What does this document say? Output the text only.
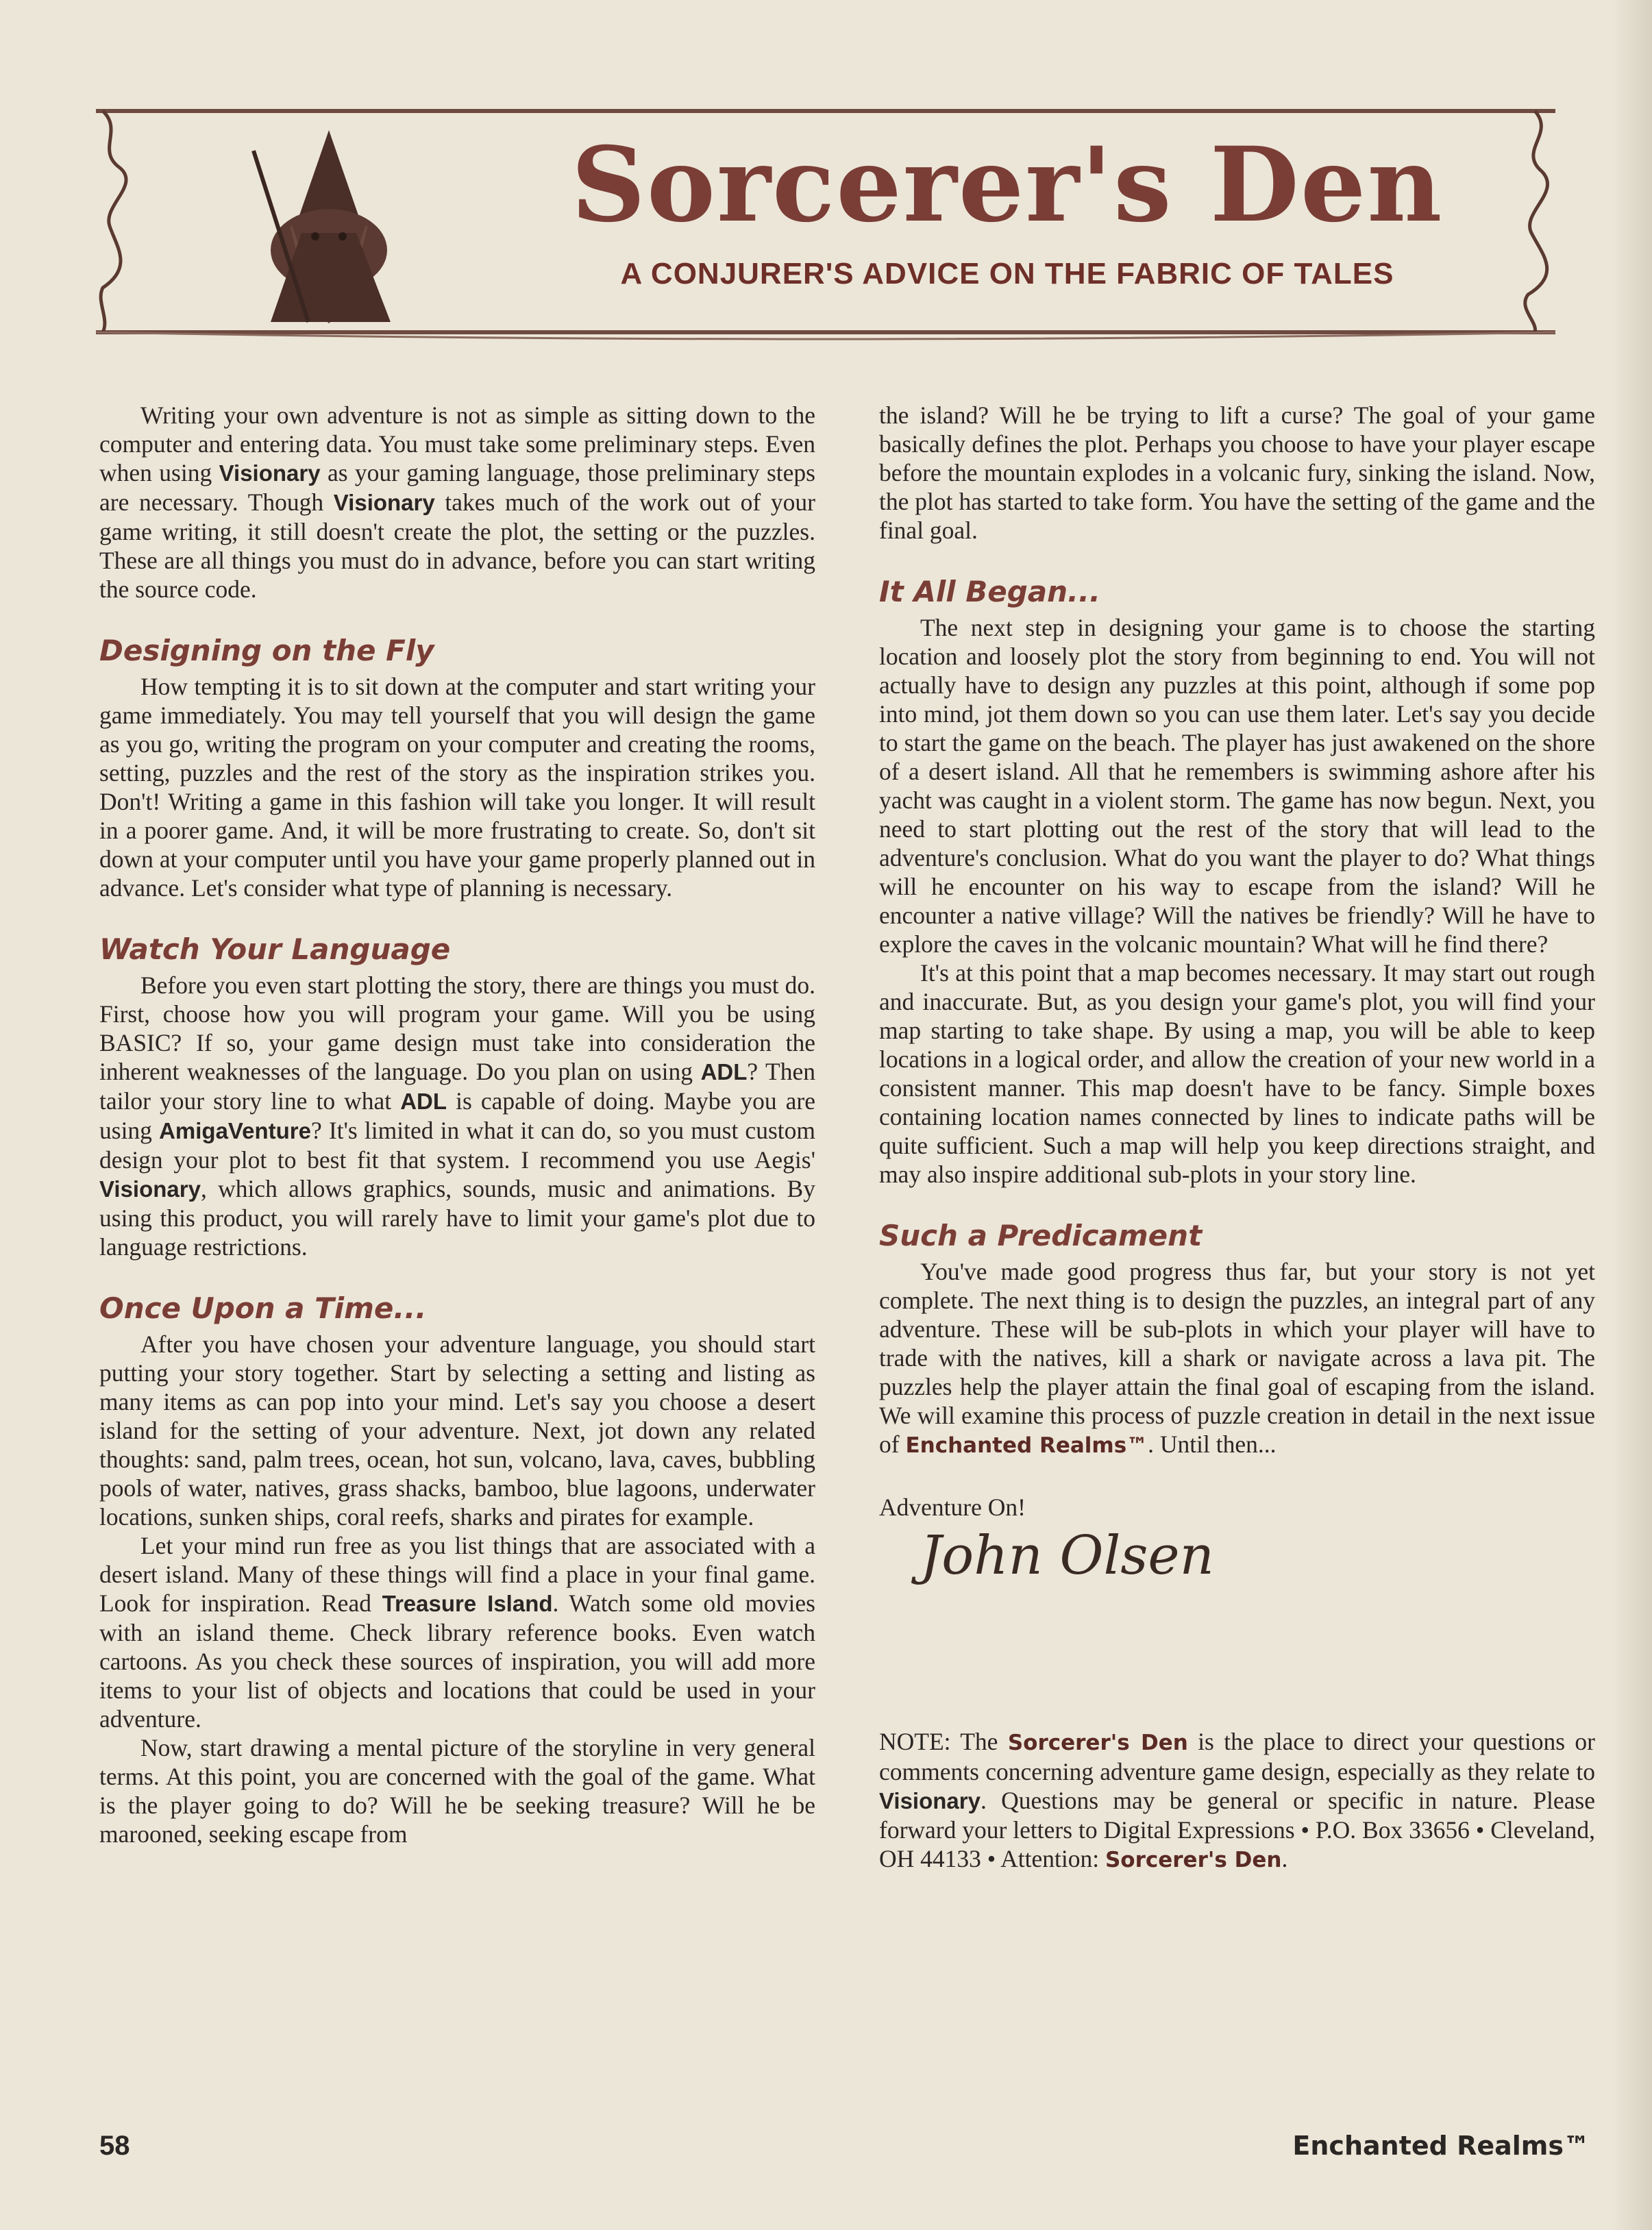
Sorcerer's Den
A CONJURER'S ADVICE ON THE FABRIC OF TALES

Writing your own adventure is not as simple as sitting down to the computer and entering data. You must take some preliminary steps. Even when using Visionary as your gaming language, those preliminary steps are necessary. Though Visionary takes much of the work out of your game writing, it still doesn't create the plot, the setting or the puzzles. These are all things you must do in advance, before you can start writing the source code.

Designing on the Fly

How tempting it is to sit down at the computer and start writing your game immediately. You may tell yourself that you will design the game as you go, writing the program on your computer and creating the rooms, setting, puzzles and the rest of the story as the inspiration strikes you. Don't! Writing a game in this fashion will take you longer. It will result in a poorer game. And, it will be more frustrating to create. So, don't sit down at your computer until you have your game properly planned out in advance. Let's consider what type of planning is necessary.

Watch Your Language

Before you even start plotting the story, there are things you must do. First, choose how you will program your game. Will you be using BASIC? If so, your game design must take into consideration the inherent weaknesses of the language. Do you plan on using ADL? Then tailor your story line to what ADL is capable of doing. Maybe you are using AmigaVenture? It's limited in what it can do, so you must custom design your plot to best fit that system. I recommend you use Aegis' Visionary, which allows graphics, sounds, music and animations. By using this product, you will rarely have to limit your game's plot due to language restrictions.

Once Upon a Time...

After you have chosen your adventure language, you should start putting your story together. Start by selecting a setting and listing as many items as can pop into your mind. Let's say you choose a desert island for the setting of your adventure. Next, jot down any related thoughts: sand, palm trees, ocean, hot sun, volcano, lava, caves, bubbling pools of water, natives, grass shacks, bamboo, blue lagoons, underwater locations, sunken ships, coral reefs, sharks and pirates for example.

Let your mind run free as you list things that are associated with a desert island. Many of these things will find a place in your final game. Look for inspiration. Read Treasure Island. Watch some old movies with an island theme. Check library reference books. Even watch cartoons. As you check these sources of inspiration, you will add more items to your list of objects and locations that could be used in your adventure.

Now, start drawing a mental picture of the storyline in very general terms. At this point, you are concerned with the goal of the game. What is the player going to do? Will he be seeking treasure? Will he be marooned, seeking escape from

the island? Will he be trying to lift a curse? The goal of your game basically defines the plot. Perhaps you choose to have your player escape before the mountain explodes in a volcanic fury, sinking the island. Now, the plot has started to take form. You have the setting of the game and the final goal.

It All Began...

The next step in designing your game is to choose the starting location and loosely plot the story from beginning to end. You will not actually have to design any puzzles at this point, although if some pop into mind, jot them down so you can use them later. Let's say you decide to start the game on the beach. The player has just awakened on the shore of a desert island. All that he remembers is swimming ashore after his yacht was caught in a violent storm. The game has now begun. Next, you need to start plotting out the rest of the story that will lead to the adventure's conclusion. What do you want the player to do? What things will he encounter on his way to escape from the island? Will he encounter a native village? Will the natives be friendly? Will he have to explore the caves in the volcanic mountain? What will he find there?

It's at this point that a map becomes necessary. It may start out rough and inaccurate. But, as you design your game's plot, you will find your map starting to take shape. By using a map, you will be able to keep locations in a logical order, and allow the creation of your new world in a consistent manner. This map doesn't have to be fancy. Simple boxes containing location names connected by lines to indicate paths will be quite sufficient. Such a map will help you keep directions straight, and may also inspire additional sub-plots in your story line.

Such a Predicament

You've made good progress thus far, but your story is not yet complete. The next thing is to design the puzzles, an integral part of any adventure. These will be sub-plots in which your player will have to trade with the natives, kill a shark or navigate across a lava pit. The puzzles help the player attain the final goal of escaping from the island. We will examine this process of puzzle creation in detail in the next issue of Enchanted Realms™. Until then...

Adventure On!

John Olsen

NOTE: The Sorcerer's Den is the place to direct your questions or comments concerning adventure game design, especially as they relate to Visionary. Questions may be general or specific in nature. Please forward your letters to Digital Expressions • P.O. Box 33656 • Cleveland, OH 44133 • Attention: Sorcerer's Den.

58	Enchanted Realms™
